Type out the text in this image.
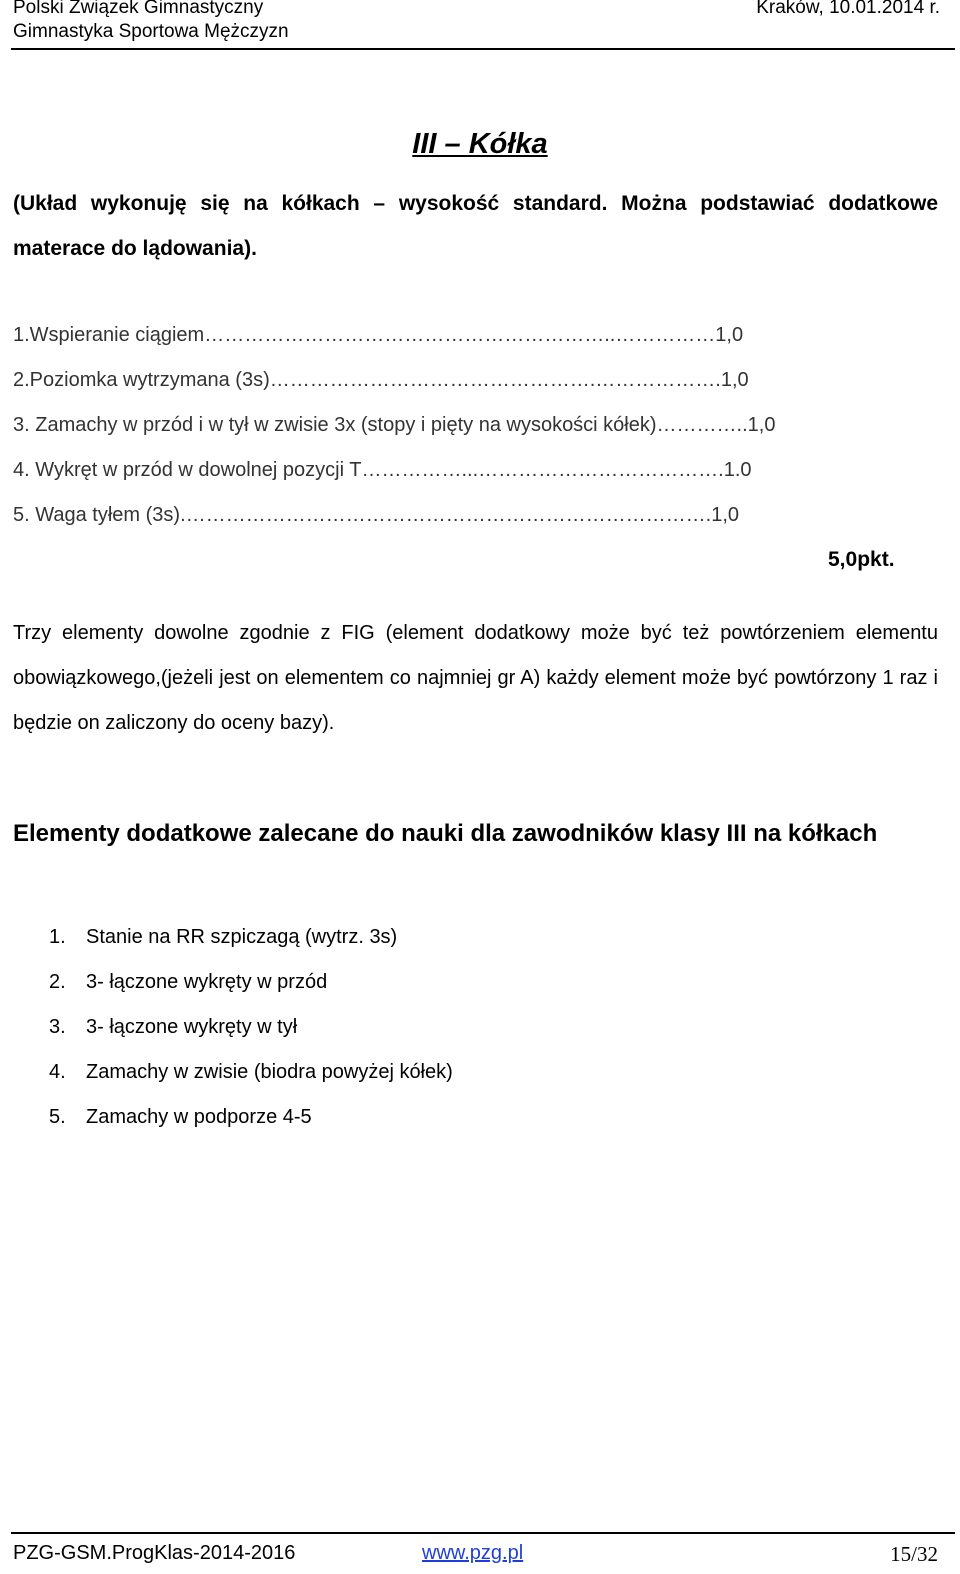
Polski Związek Gimnastyczny
Gimnastyka Sportowa Mężczyzn
Kraków, 10.01.2014 r.
III – Kółka
(Układ wykonuję się na kółkach – wysokość standard. Można podstawiać dodatkowe materace do lądowania).
1.Wspieranie ciągiem……………………………………………………..……………1,0
2.Poziomka wytrzymana (3s)………………………………………….……………….1,0
3. Zamachy w przód i w tył w zwisie 3x (stopy i pięty na wysokości kółek)…………..1,0
4. Wykręt w przód w dowolnej pozycji T……………...……………………………….1.0
5. Waga tyłem (3s).…………………………………………………………………….1,0
5,0pkt.
Trzy elementy dowolne zgodnie z FIG (element dodatkowy może być też powtórzeniem elementu obowiązkowego,(jeżeli jest on elementem co najmniej gr A) każdy element może być powtórzony 1 raz i będzie on zaliczony do oceny bazy).
Elementy dodatkowe zalecane do nauki dla zawodników klasy III na kółkach
1. Stanie na RR szpiczagą (wytrz. 3s)
2. 3- łączone wykręty w przód
3. 3- łączone wykręty w tył
4. Zamachy w zwisie (biodra powyżej kółek)
5. Zamachy w podporze 4-5
PZG-GSM.ProgKlas-2014-2016	www.pzg.pl	15/32
